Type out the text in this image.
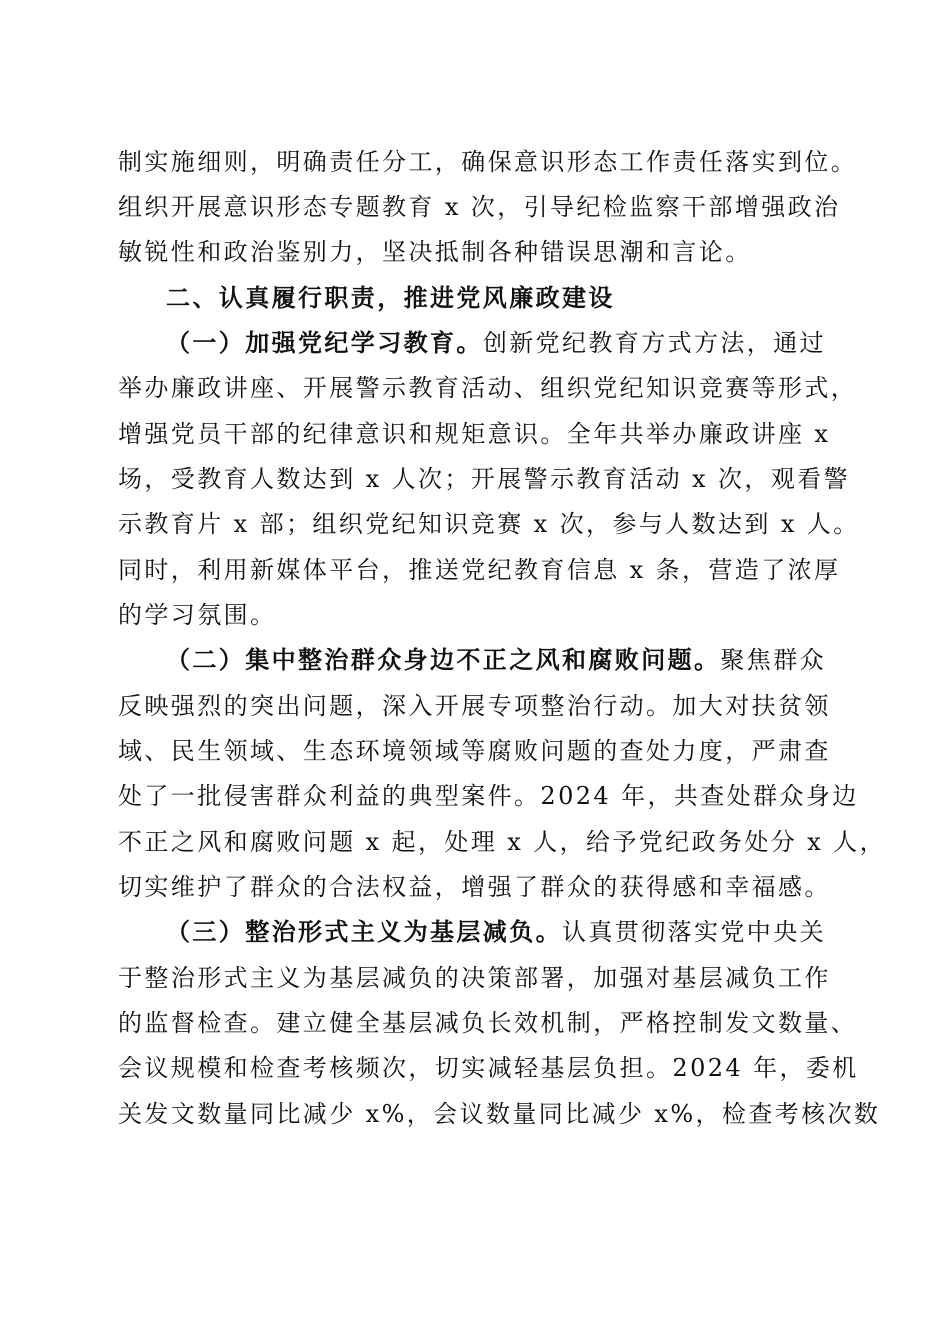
制实施细则，明确责任分工，确保意识形态工作责任落实到位。
组织开展意识形态专题教育 x 次，引导纪检监察干部增强政治
敏锐性和政治鉴别力，坚决抵制各种错误思潮和言论。
二、认真履行职责，推进党风廉政建设
（一）加强党纪学习教育。创新党纪教育方式方法，通过
举办廉政讲座、开展警示教育活动、组织党纪知识竞赛等形式，
增强党员干部的纪律意识和规矩意识。全年共举办廉政讲座 x
场，受教育人数达到 x 人次；开展警示教育活动 x 次，观看警
示教育片 x 部；组织党纪知识竞赛 x 次，参与人数达到 x 人。
同时，利用新媒体平台，推送党纪教育信息 x 条，营造了浓厚
的学习氛围。
（二）集中整治群众身边不正之风和腐败问题。聚焦群众
反映强烈的突出问题，深入开展专项整治行动。加大对扶贫领
域、民生领域、生态环境领域等腐败问题的查处力度，严肃查
处了一批侵害群众利益的典型案件。2024 年，共查处群众身边
不正之风和腐败问题 x 起，处理 x 人，给予党纪政务处分 x 人，
切实维护了群众的合法权益，增强了群众的获得感和幸福感。
（三）整治形式主义为基层减负。认真贯彻落实党中央关
于整治形式主义为基层减负的决策部署，加强对基层减负工作
的监督检查。建立健全基层减负长效机制，严格控制发文数量、
会议规模和检查考核频次，切实减轻基层负担。2024 年，委机
关发文数量同比减少 x%，会议数量同比减少 x%，检查考核次数
